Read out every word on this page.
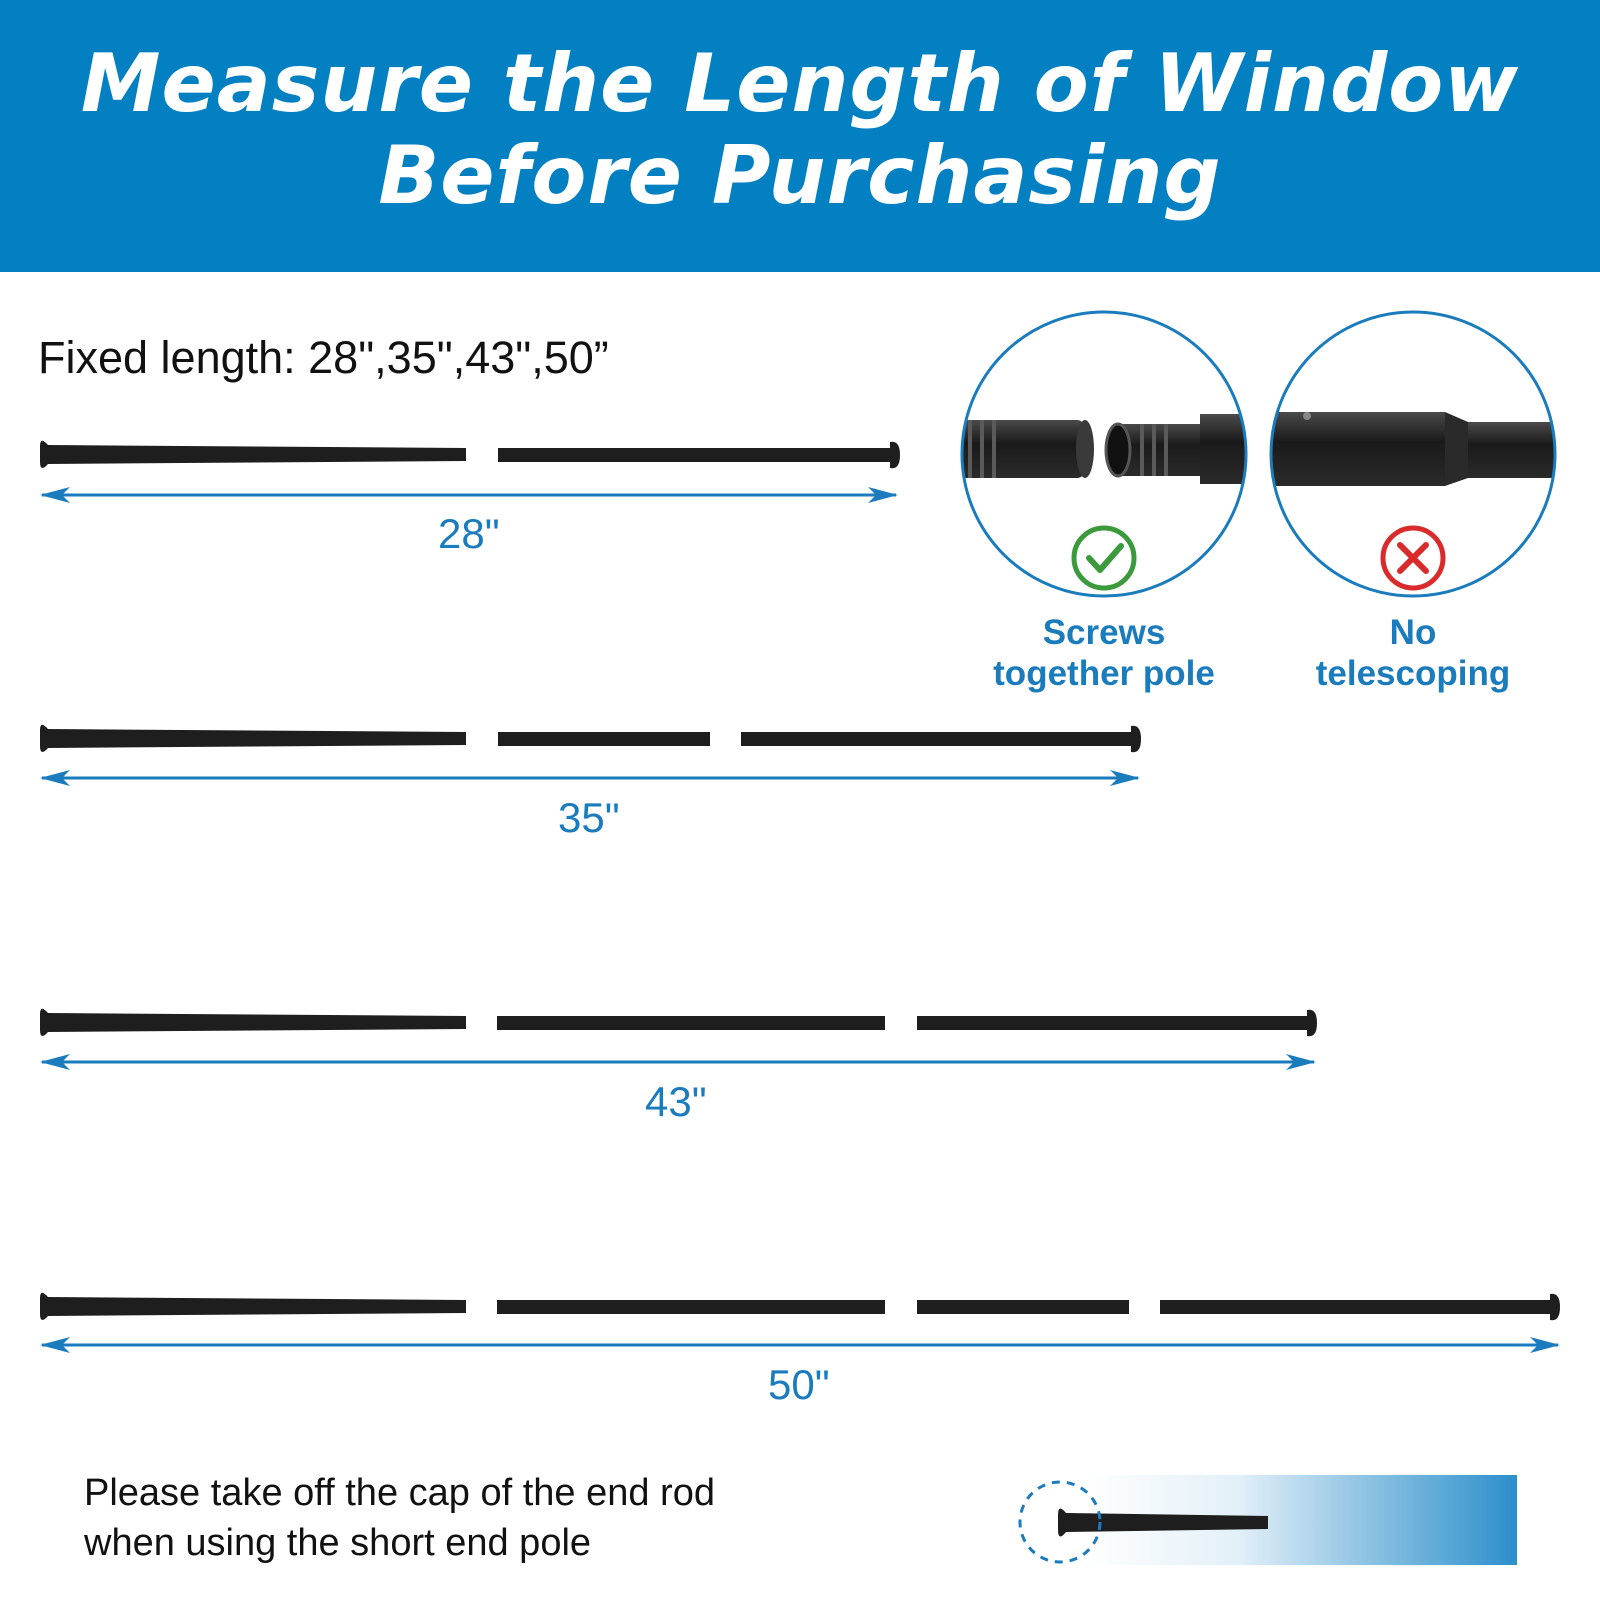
Measure the Length of Window
Before Purchasing
Fixed length: 28",35",43",50”
28"
35"
43"
50"
Screws
together pole
No
telescoping
Please take off the cap of the end rod
when using the short end pole
